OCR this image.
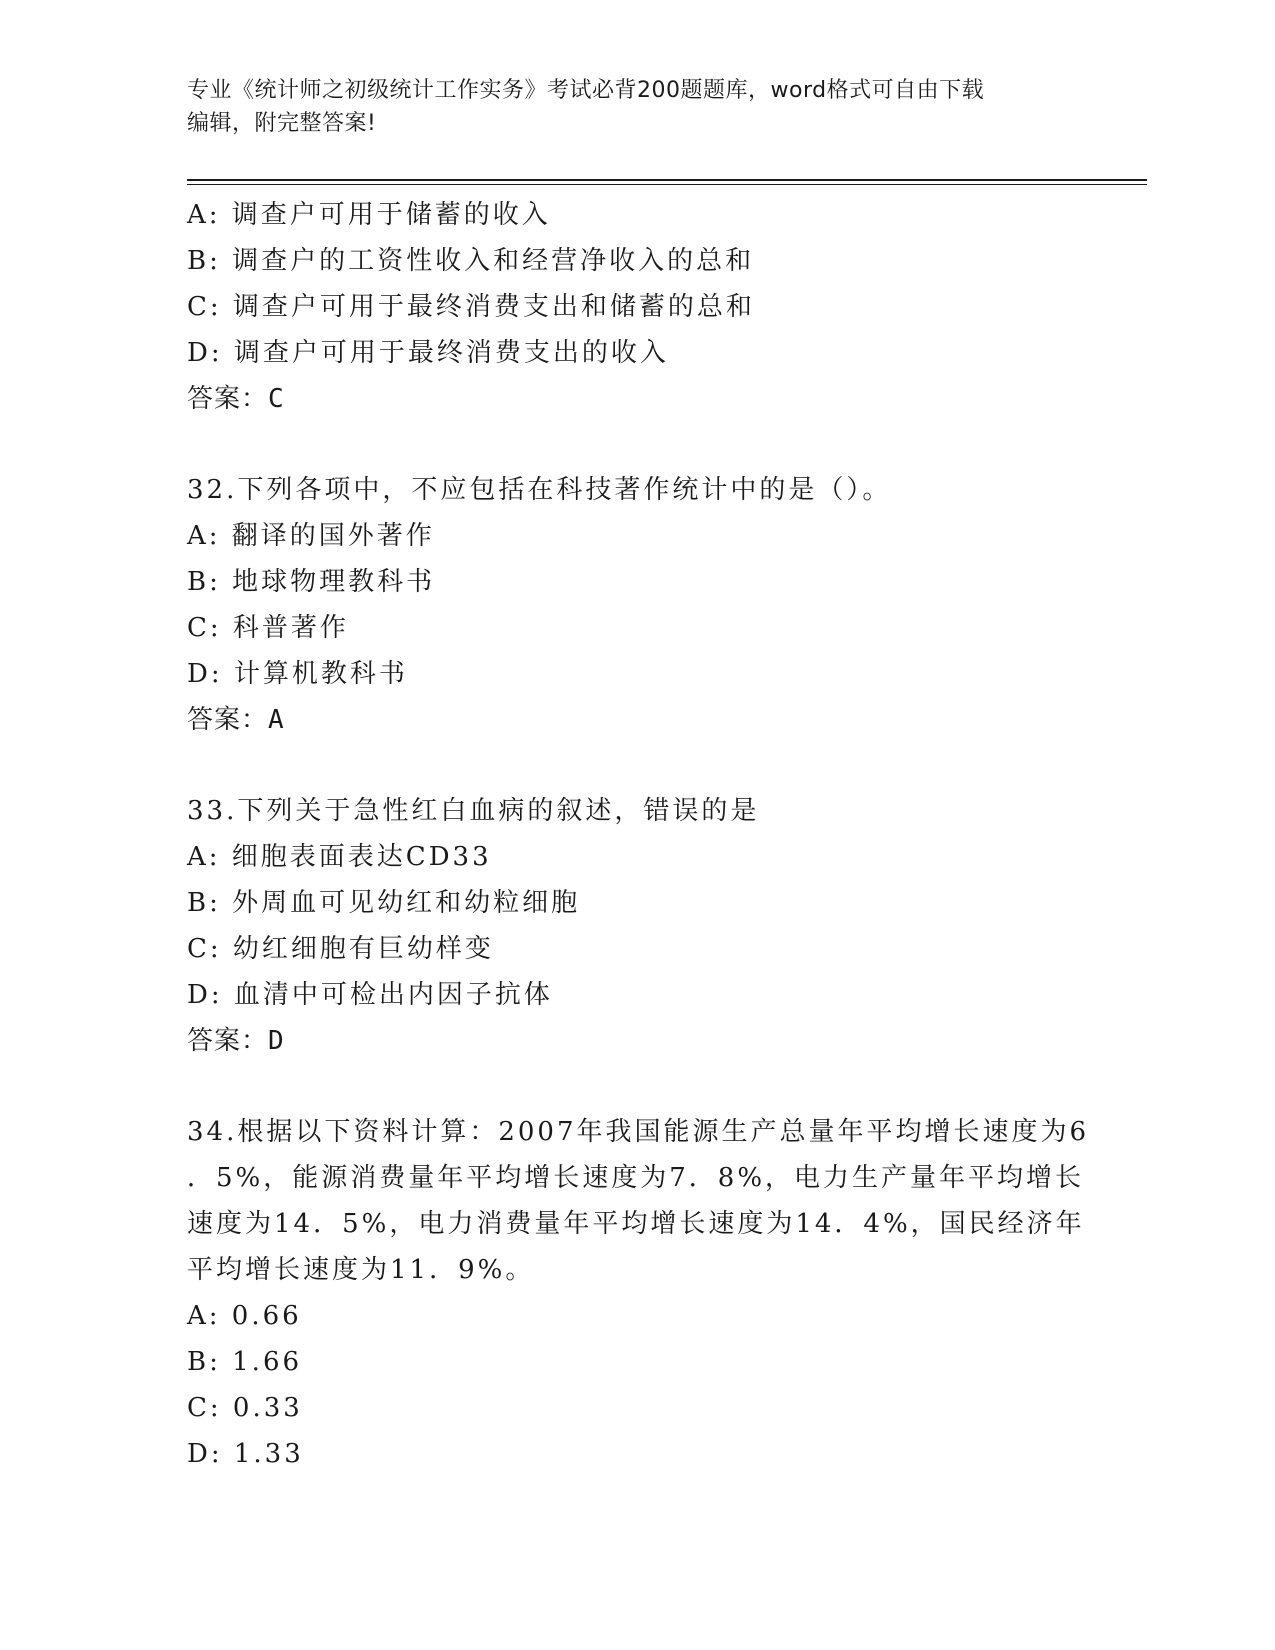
专业《统计师之初级统计工作实务》考试必背200题题库，word格式可自由下载
编辑，附完整答案!
A: 调查户可用于储蓄的收入
B: 调查户的工资性收入和经营净收入的总和
C: 调查户可用于最终消费支出和储蓄的总和
D: 调查户可用于最终消费支出的收入
答案：C
32.下列各项中，不应包括在科技著作统计中的是（）。
A: 翻译的国外著作
B: 地球物理教科书
C: 科普著作
D: 计算机教科书
答案：A
33.下列关于急性红白血病的叙述，错误的是
A: 细胞表面表达CD33
B: 外周血可见幼红和幼粒细胞
C: 幼红细胞有巨幼样变
D: 血清中可检出内因子抗体
答案：D
34.根据以下资料计算：2007年我国能源生产总量年平均增长速度为6
．5%，能源消费量年平均增长速度为7．8%，电力生产量年平均增长
速度为14．5%，电力消费量年平均增长速度为14．4%，国民经济年
平均增长速度为11．9%。
A: 0.66
B: 1.66
C: 0.33
D: 1.33
